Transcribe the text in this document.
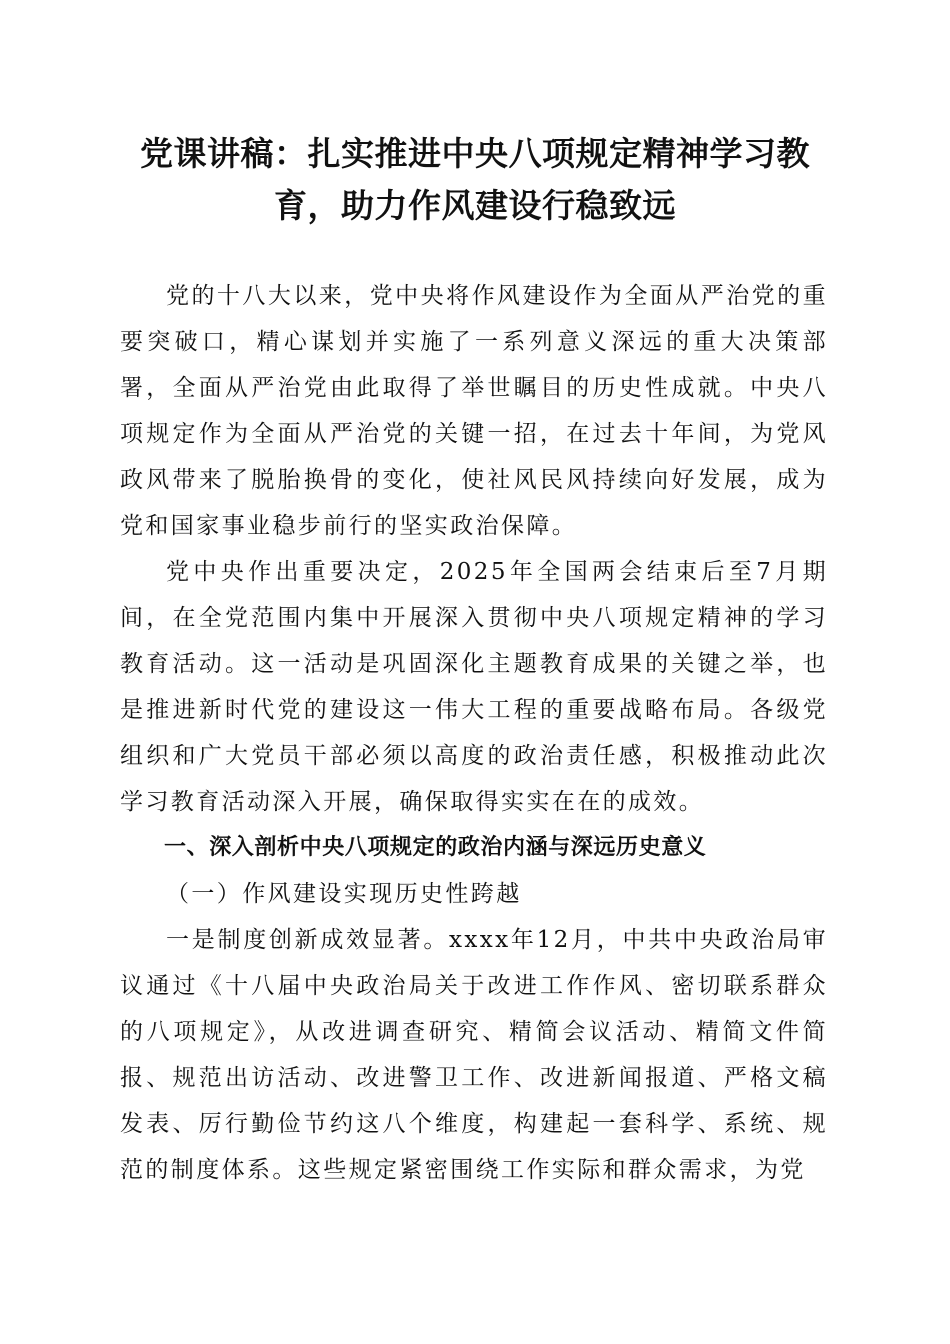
党课讲稿：扎实推进中央八项规定精神学习教育，助力作风建设行稳致远

党的十八大以来，党中央将作风建设作为全面从严治党的重要突破口，精心谋划并实施了一系列意义深远的重大决策部署，全面从严治党由此取得了举世瞩目的历史性成就。中央八项规定作为全面从严治党的关键一招，在过去十年间，为党风政风带来了脱胎换骨的变化，使社风民风持续向好发展，成为党和国家事业稳步前行的坚实政治保障。

党中央作出重要决定，2025年全国两会结束后至7月期间，在全党范围内集中开展深入贯彻中央八项规定精神的学习教育活动。这一活动是巩固深化主题教育成果的关键之举，也是推进新时代党的建设这一伟大工程的重要战略布局。各级党组织和广大党员干部必须以高度的政治责任感，积极推动此次学习教育活动深入开展，确保取得实实在在的成效。

一、深入剖析中央八项规定的政治内涵与深远历史意义

（一）作风建设实现历史性跨越

一是制度创新成效显著。xxxx年12月，中共中央政治局审议通过《十八届中央政治局关于改进工作作风、密切联系群众的八项规定》，从改进调查研究、精简会议活动、精简文件简报、规范出访活动、改进警卫工作、改进新闻报道、严格文稿发表、厉行勤俭节约这八个维度，构建起一套科学、系统、规范的制度体系。这些规定紧密围绕工作实际和群众需求，为党
